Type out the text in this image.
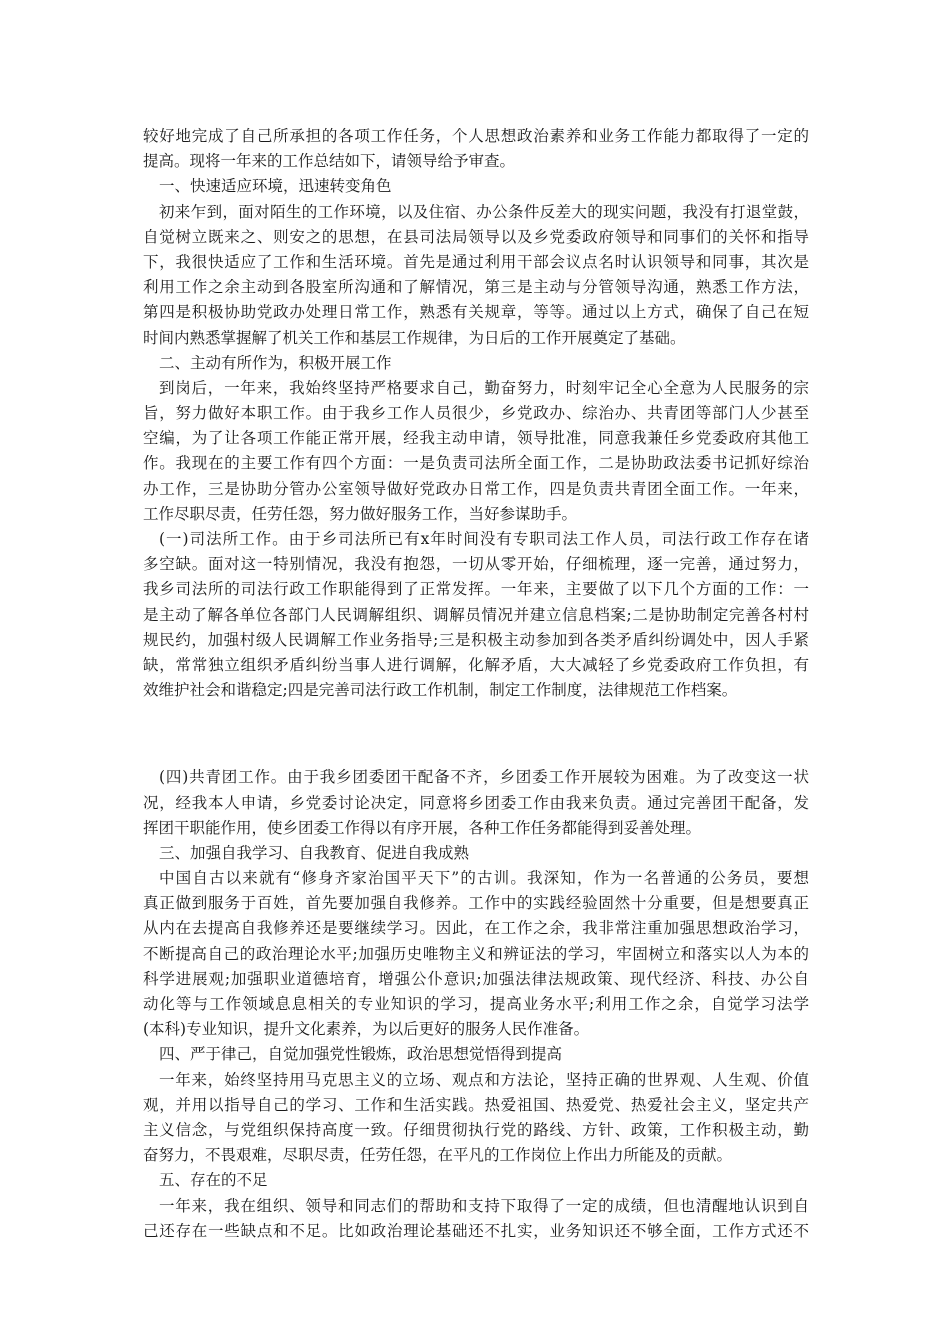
较好地完成了自己所承担的各项工作任务，个人思想政治素养和业务工作能力都取得了一定的
提高。现将一年来的工作总结如下，请领导给予审查。
一、快速适应环境，迅速转变角色
初来乍到，面对陌生的工作环境，以及住宿、办公条件反差大的现实问题，我没有打退堂鼓，
自觉树立既来之、则安之的思想，在县司法局领导以及乡党委政府领导和同事们的关怀和指导
下，我很快适应了工作和生活环境。首先是通过利用干部会议点名时认识领导和同事，其次是
利用工作之余主动到各股室所沟通和了解情况，第三是主动与分管领导沟通，熟悉工作方法，
第四是积极协助党政办处理日常工作，熟悉有关规章，等等。通过以上方式，确保了自己在短
时间内熟悉掌握解了机关工作和基层工作规律，为日后的工作开展奠定了基础。
二、主动有所作为，积极开展工作
到岗后，一年来，我始终坚持严格要求自己，勤奋努力，时刻牢记全心全意为人民服务的宗
旨，努力做好本职工作。由于我乡工作人员很少，乡党政办、综治办、共青团等部门人少甚至
空编，为了让各项工作能正常开展，经我主动申请，领导批准，同意我兼任乡党委政府其他工
作。我现在的主要工作有四个方面：一是负责司法所全面工作，二是协助政法委书记抓好综治
办工作，三是协助分管办公室领导做好党政办日常工作，四是负责共青团全面工作。一年来，
工作尽职尽责，任劳任怨，努力做好服务工作，当好参谋助手。
(一)司法所工作。由于乡司法所已有x年时间没有专职司法工作人员，司法行政工作存在诸
多空缺。面对这一特别情况，我没有抱怨，一切从零开始，仔细梳理，逐一完善，通过努力，
我乡司法所的司法行政工作职能得到了正常发挥。一年来，主要做了以下几个方面的工作：一
是主动了解各单位各部门人民调解组织、调解员情况并建立信息档案;二是协助制定完善各村村
规民约，加强村级人民调解工作业务指导;三是积极主动参加到各类矛盾纠纷调处中，因人手紧
缺，常常独立组织矛盾纠纷当事人进行调解，化解矛盾，大大减轻了乡党委政府工作负担，有
效维护社会和谐稳定;四是完善司法行政工作机制，制定工作制度，法律规范工作档案。
(四)共青团工作。由于我乡团委团干配备不齐，乡团委工作开展较为困难。为了改变这一状
况，经我本人申请，乡党委讨论决定，同意将乡团委工作由我来负责。通过完善团干配备，发
挥团干职能作用，使乡团委工作得以有序开展，各种工作任务都能得到妥善处理。
三、加强自我学习、自我教育、促进自我成熟
中国自古以来就有“修身齐家治国平天下”的古训。我深知，作为一名普通的公务员，要想
真正做到服务于百姓，首先要加强自我修养。工作中的实践经验固然十分重要，但是想要真正
从内在去提高自我修养还是要继续学习。因此，在工作之余，我非常注重加强思想政治学习，
不断提高自己的政治理论水平;加强历史唯物主义和辨证法的学习，牢固树立和落实以人为本的
科学进展观;加强职业道德培育，增强公仆意识;加强法律法规政策、现代经济、科技、办公自
动化等与工作领域息息相关的专业知识的学习，提高业务水平;利用工作之余，自觉学习法学
(本科)专业知识，提升文化素养，为以后更好的服务人民作准备。
四、严于律己，自觉加强党性锻炼，政治思想觉悟得到提高
一年来，始终坚持用马克思主义的立场、观点和方法论，坚持正确的世界观、人生观、价值
观，并用以指导自己的学习、工作和生活实践。热爱祖国、热爱党、热爱社会主义，坚定共产
主义信念，与党组织保持高度一致。仔细贯彻执行党的路线、方针、政策，工作积极主动，勤
奋努力，不畏艰难，尽职尽责，任劳任怨，在平凡的工作岗位上作出力所能及的贡献。
五、存在的不足
一年来，我在组织、领导和同志们的帮助和支持下取得了一定的成绩，但也清醒地认识到自
己还存在一些缺点和不足。比如政治理论基础还不扎实，业务知识还不够全面，工作方式还不
